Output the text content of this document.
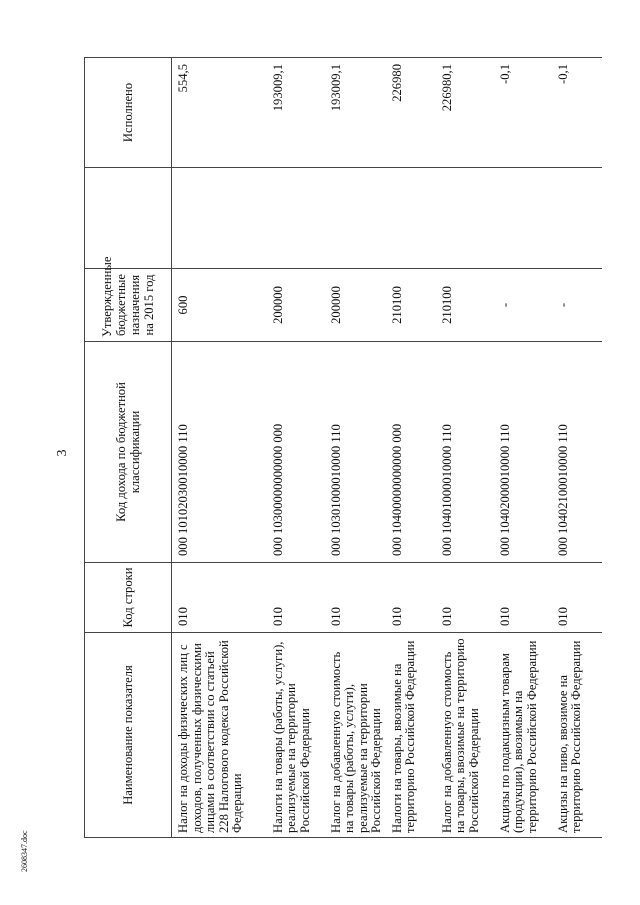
3
2608347.doc
Наименование показателя	Код строки	Код дохода по бюджетной классификации	Утвержденные бюджетные назначения на 2015 год		Исполнено
Налог на доходы физических лиц с доходов, полученных физическими лицами в соответствии со статьей 228 Налогового кодекса Российской Федерации	010	000 10102030010000 110	600		554,5
Налоги на товары (работы, услуги), реализуемые на территории Российской Федерации	010	000 10300000000000 000	200000		193009,1
Налог на добавленную стоимость на товары (работы, услуги), реализуемые на территории Российской Федерации	010	000 10301000010000 110	200000		193009,1
Налоги на товары, ввозимые на территорию Российской Федерации	010	000 10400000000000 000	210100		226980
Налог на добавленную стоимость на товары, ввозимые на территорию Российской Федерации	010	000 10401000010000 110	210100		226980,1
Акцизы по подакцизным товарам (продукции), ввозимым на территорию Российской Федерации	010	000 10402000010000 110	-		-0,1
Акцизы на пиво, ввозимое на территорию Российской Федерации	010	000 10402100010000 110	-		-0,1
